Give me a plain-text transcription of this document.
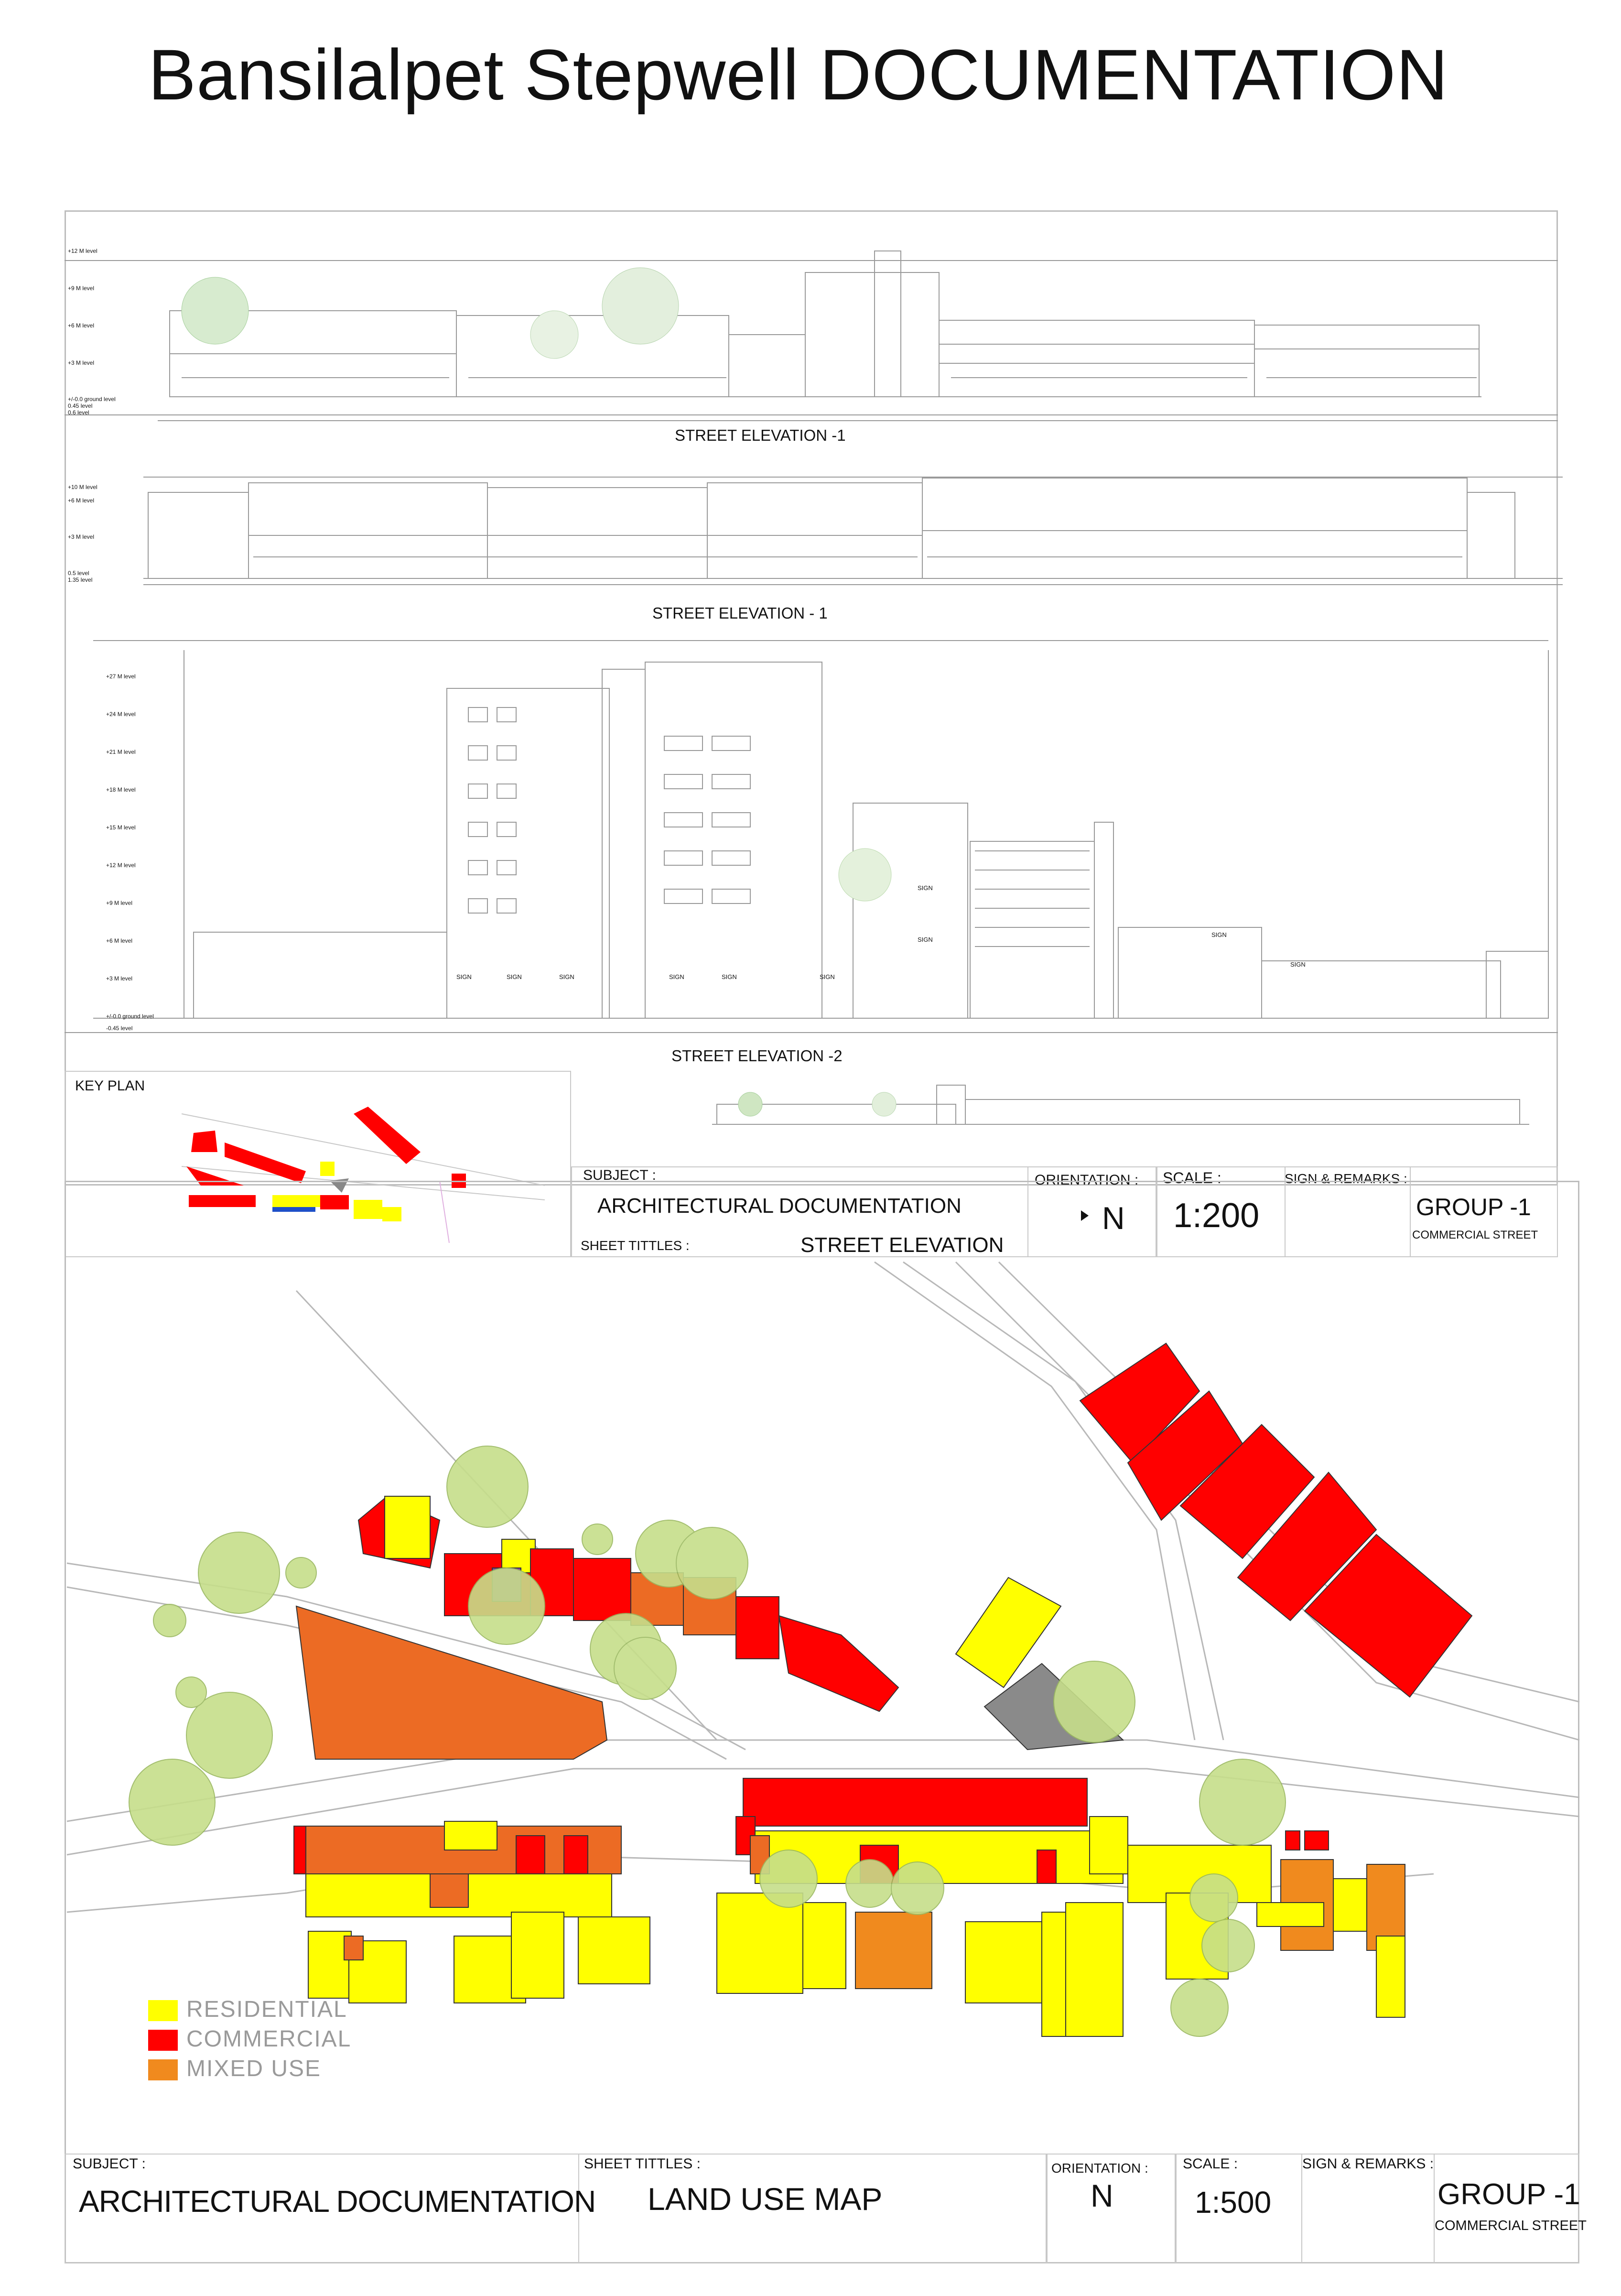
Bansilalpet Stepwell DOCUMENTATION
+12 M level
+9 M level
+6 M level
+3 M level
+/-0.0 ground level
0.45 level
0.6 level
STREET ELEVATION -1
+10 M level
+6 M level
+3 M level
0.5 level
1.35 level
STREET ELEVATION - 1
+27 M level
+24 M level
+21 M level
+18 M level
+15 M level
+12 M level
+9 M level
+6 M level
+3 M level
+/-0.0 ground level
-0.45 level
SIGN	SIGN	SIGN	SIGN	SIGN	SIGN
SIGN
SIGN
SIGN
SIGN
STREET ELEVATION -2
KEY PLAN
SUBJECT :
ARCHITECTURAL DOCUMENTATION
SHEET TITTLES :	STREET ELEVATION
ORIENTATION :
N
SCALE :
1:200
SIGN & REMARKS :
GROUP -1
COMMERCIAL STREET
RESIDENTIAL
COMMERCIAL
MIXED USE
SUBJECT :
ARCHITECTURAL DOCUMENTATION
SHEET TITTLES :
LAND USE MAP
ORIENTATION :
N
SCALE :
1:500
SIGN & REMARKS :
GROUP -1
COMMERCIAL STREET
